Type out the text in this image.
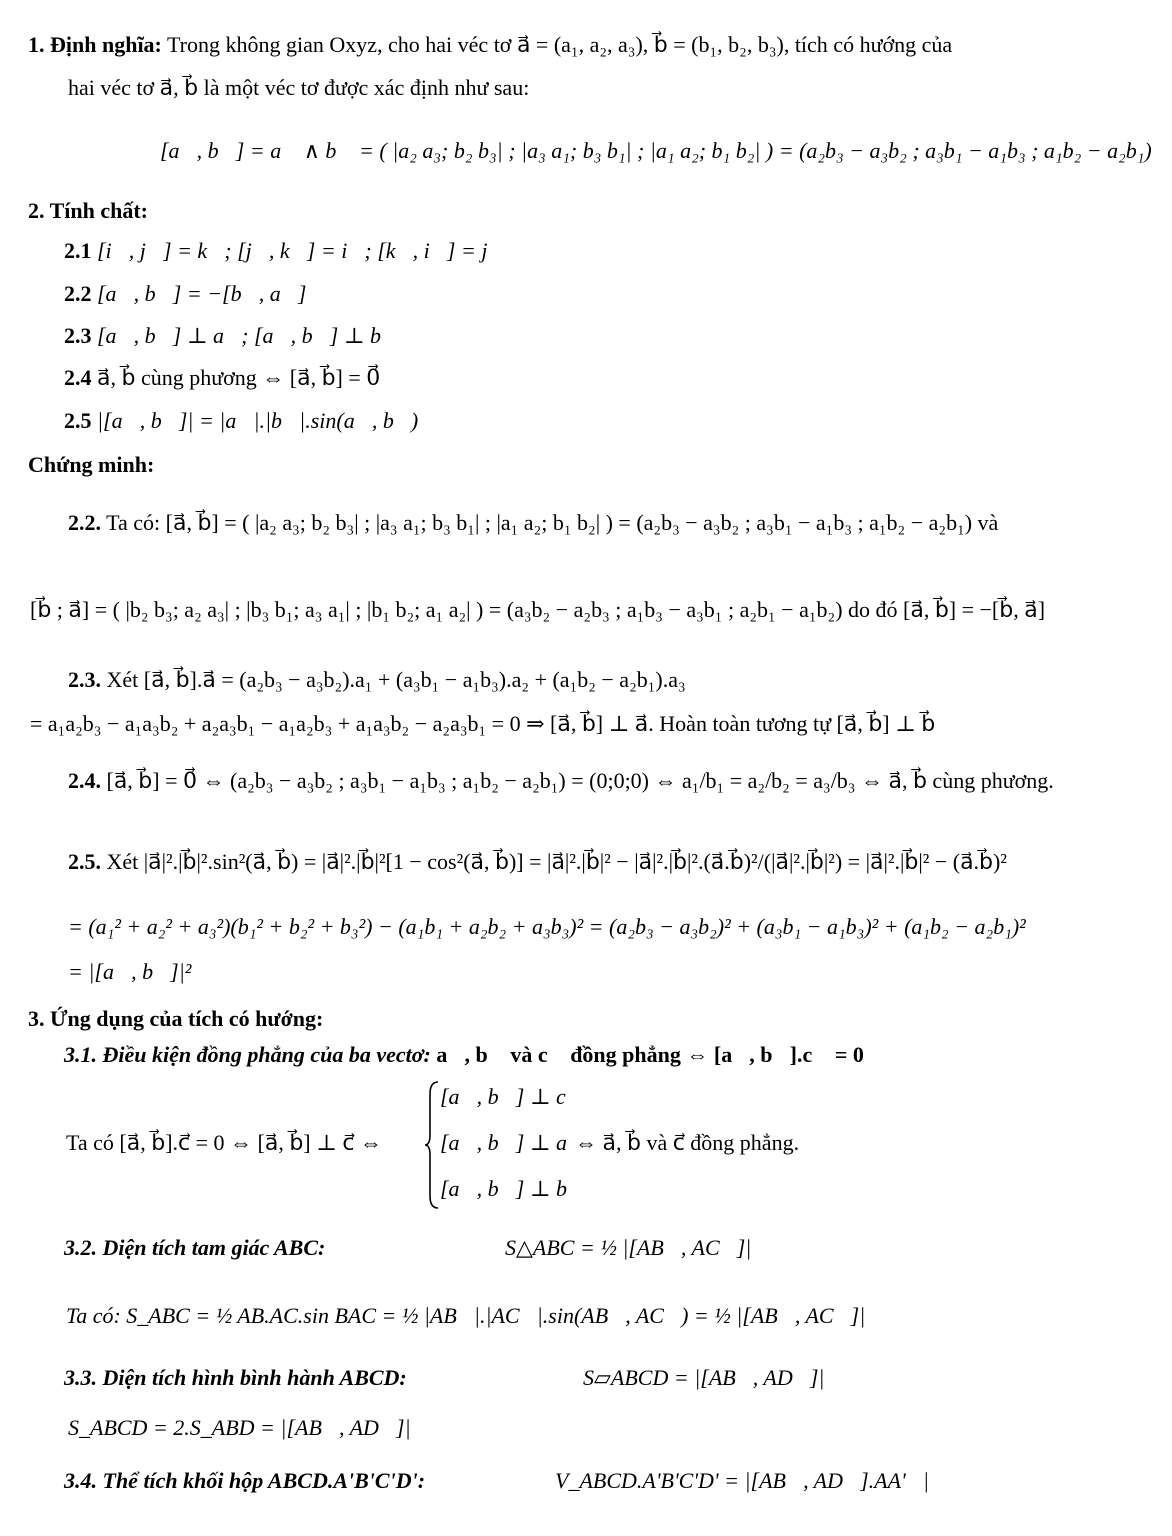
1. Định nghĩa: Trong không gian Oxyz, cho hai véc tơ a⃗ = (a₁, a₂, a₃), b⃗ = (b₁, b₂, b₃), tích có hướng của
hai véc tơ a⃗, b⃗ là một véc tơ được xác định như sau:
[a⃗, b⃗] = a⃗ ∧ b⃗ = ( |a₂ a₃; b₂ b₃| ; |a₃ a₁; b₃ b₁| ; |a₁ a₂; b₁ b₂| ) = (a₂b₃ − a₃b₂ ; a₃b₁ − a₁b₃ ; a₁b₂ − a₂b₁)
2. Tính chất:
2.1 [i⃗, j⃗] = k⃗; [j⃗, k⃗] = i⃗; [k⃗, i⃗] = j⃗
2.2 [a⃗, b⃗] = −[b⃗, a⃗]
2.3 [a⃗, b⃗] ⊥ a⃗; [a⃗, b⃗] ⊥ b⃗
2.4 a⃗, b⃗ cùng phương ⇔ [a⃗, b⃗] = 0⃗
2.5 |[a⃗, b⃗]| = |a⃗|.|b⃗|.sin(a⃗, b⃗)
Chứng minh:
2.2. Ta có: [a⃗, b⃗] = ( |a₂ a₃; b₂ b₃| ; |a₃ a₁; b₃ b₁| ; |a₁ a₂; b₁ b₂| ) = (a₂b₃ − a₃b₂ ; a₃b₁ − a₁b₃ ; a₁b₂ − a₂b₁) và
[b⃗ ; a⃗] = ( |b₂ b₃; a₂ a₃| ; |b₃ b₁; a₃ a₁| ; |b₁ b₂; a₁ a₂| ) = (a₃b₂ − a₂b₃ ; a₁b₃ − a₃b₁ ; a₂b₁ − a₁b₂) do đó [a⃗, b⃗] = −[b⃗, a⃗]
2.3. Xét [a⃗, b⃗].a⃗ = (a₂b₃ − a₃b₂).a₁ + (a₃b₁ − a₁b₃).a₂ + (a₁b₂ − a₂b₁).a₃
= a₁a₂b₃ − a₁a₃b₂ + a₂a₃b₁ − a₁a₂b₃ + a₁a₃b₂ − a₂a₃b₁ = 0 ⇒ [a⃗, b⃗] ⊥ a⃗. Hoàn toàn tương tự [a⃗, b⃗] ⊥ b⃗
2.4. [a⃗, b⃗] = 0⃗ ⇔ (a₂b₃ − a₃b₂ ; a₃b₁ − a₁b₃ ; a₁b₂ − a₂b₁) = (0;0;0) ⇔ a₁/b₁ = a₂/b₂ = a₃/b₃ ⇔ a⃗, b⃗ cùng phương.
2.5. Xét |a⃗|².|b⃗|².sin²(a⃗, b⃗) = |a⃗|².|b⃗|²[1 − cos²(a⃗, b⃗)] = |a⃗|².|b⃗|² − |a⃗|².|b⃗|².(a⃗.b⃗)²/(|a⃗|².|b⃗|²) = |a⃗|².|b⃗|² − (a⃗.b⃗)²
= (a₁² + a₂² + a₃²)(b₁² + b₂² + b₃²) − (a₁b₁ + a₂b₂ + a₃b₃)² = (a₂b₃ − a₃b₂)² + (a₃b₁ − a₁b₃)² + (a₁b₂ − a₂b₁)²
= |[a⃗, b⃗]|²
3. Ứng dụng của tích có hướng:
3.1. Điều kiện đồng phẳng của ba vectơ: a⃗, b⃗ và c⃗ đồng phẳng ⇔ [a⃗, b⃗].c⃗ = 0
Ta có [a⃗, b⃗].c⃗ = 0 ⇔ [a⃗, b⃗] ⊥ c⃗ ⇔
[a⃗, b⃗] ⊥ c⃗
[a⃗, b⃗] ⊥ a⃗
[a⃗, b⃗] ⊥ b⃗
⇔ a⃗, b⃗ và c⃗ đồng phẳng.
3.2. Diện tích tam giác ABC:	S△ABC = ½ |[AB⃗, AC⃗]|
Ta có: S_ABC = ½ AB.AC.sin BAC = ½ |AB⃗|.|AC⃗|.sin(AB⃗, AC⃗) = ½ |[AB⃗, AC⃗]|
3.3. Diện tích hình bình hành ABCD:	S▱ABCD = |[AB⃗, AD⃗]|
S_ABCD = 2.S_ABD = |[AB⃗, AD⃗]|
3.4. Thể tích khối hộp ABCD.A'B'C'D':	V_ABCD.A'B'C'D' = |[AB⃗, AD⃗].AA'⃗|
